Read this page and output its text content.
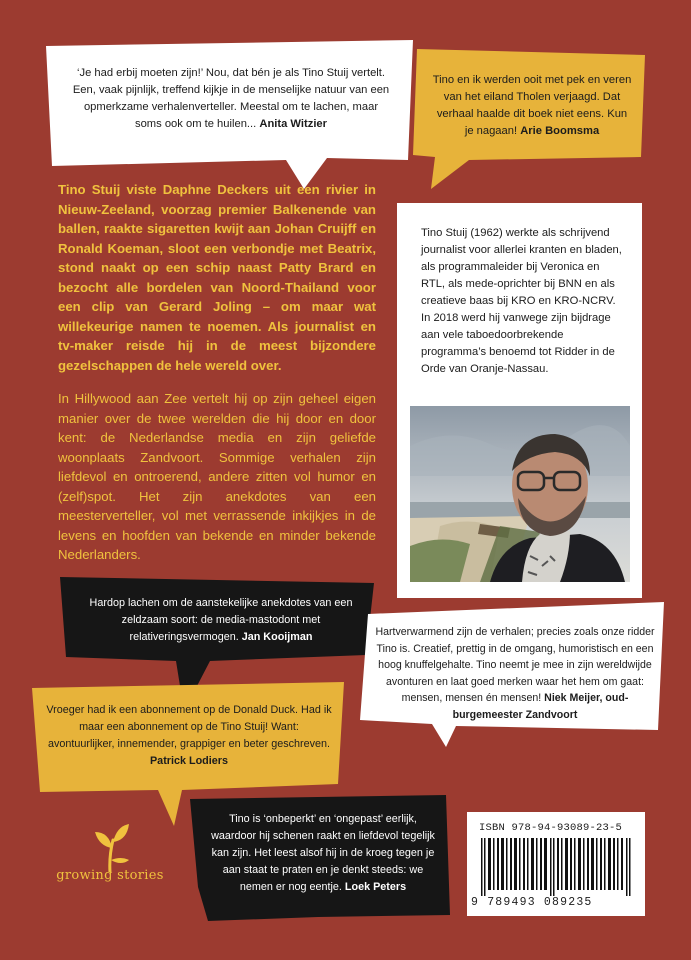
‘Je had erbij moeten zijn!’ Nou, dat bén je als Tino Stuij vertelt. Een, vaak pijnlijk, treffend kijkje in de menselijke natuur van een opmerkzame verhalenverteller. Meestal om te lachen, maar soms ook om te huilen... Anita Witzier

Tino en ik werden ooit met pek en veren van het eiland Tholen verjaagd. Dat verhaal haalde dit boek niet eens. Kun je nagaan! Arie Boomsma

Tino Stuij viste Daphne Deckers uit een rivier in Nieuw-Zeeland, voorzag premier Balkenende van ballen, raakte sigaretten kwijt aan Johan Cruijff en Ronald Koeman, sloot een verbondje met Beatrix, stond naakt op een schip naast Patty Brard en bezocht alle bordelen van Noord-Thailand voor een clip van Gerard Joling – om maar wat willekeurige namen te noemen. Als journalist en tv-maker reisde hij in de meest bijzondere gezelschappen de hele wereld over.

In Hillywood aan Zee vertelt hij op zijn geheel eigen manier over de twee werelden die hij door en door kent: de Nederlandse media en zijn geliefde woonplaats Zandvoort. Sommige verhalen zijn liefdevol en ontroerend, andere zitten vol humor en (zelf)spot. Het zijn anekdotes van een meesterverteller, vol met verrassende inkijkjes in de levens en hoofden van bekende en minder bekende Nederlanders.

Tino Stuij (1962) werkte als schrijvend journalist voor allerlei kranten en bladen, als programmaleider bij Veronica en RTL, als mede-oprichter bij BNN en als creatieve baas bij KRO en KRO-NCRV. In 2018 werd hij vanwege zijn bijdrage aan vele taboedoorbrekende programma’s benoemd tot Ridder in de Orde van Oranje-Nassau.

Hardop lachen om de aanstekelijke anekdotes van een zeldzaam soort: de media-mastodont met relativeringsvermogen. Jan Kooijman	Hartverwarmend zijn de verhalen; precies zoals onze ridder Tino is. Creatief, prettig in de omgang, humoristisch en een hoog knuffelgehalte. Tino neemt je mee in zijn wereldwijde avonturen en laat goed merken waar het hem om gaat: mensen, mensen én mensen! Niek Meijer, oud-burgemeester Zandvoort

Vroeger had ik een abonnement op de Donald Duck. Had ik maar een abonnement op de Tino Stuij! Want: avontuurlijker, innemender, grappiger en beter geschreven. Patrick Lodiers

Tino is ‘onbeperkt’ en ‘ongepast’ eerlijk, waardoor hij schenen raakt en liefdevol tegelijk kan zijn. Het leest alsof hij in de kroeg tegen je aan staat te praten en je denkt steeds: we nemen er nog eentje. Loek Peters

ISBN 978-94-93089-23-5
9 789493 089235
growing stories
